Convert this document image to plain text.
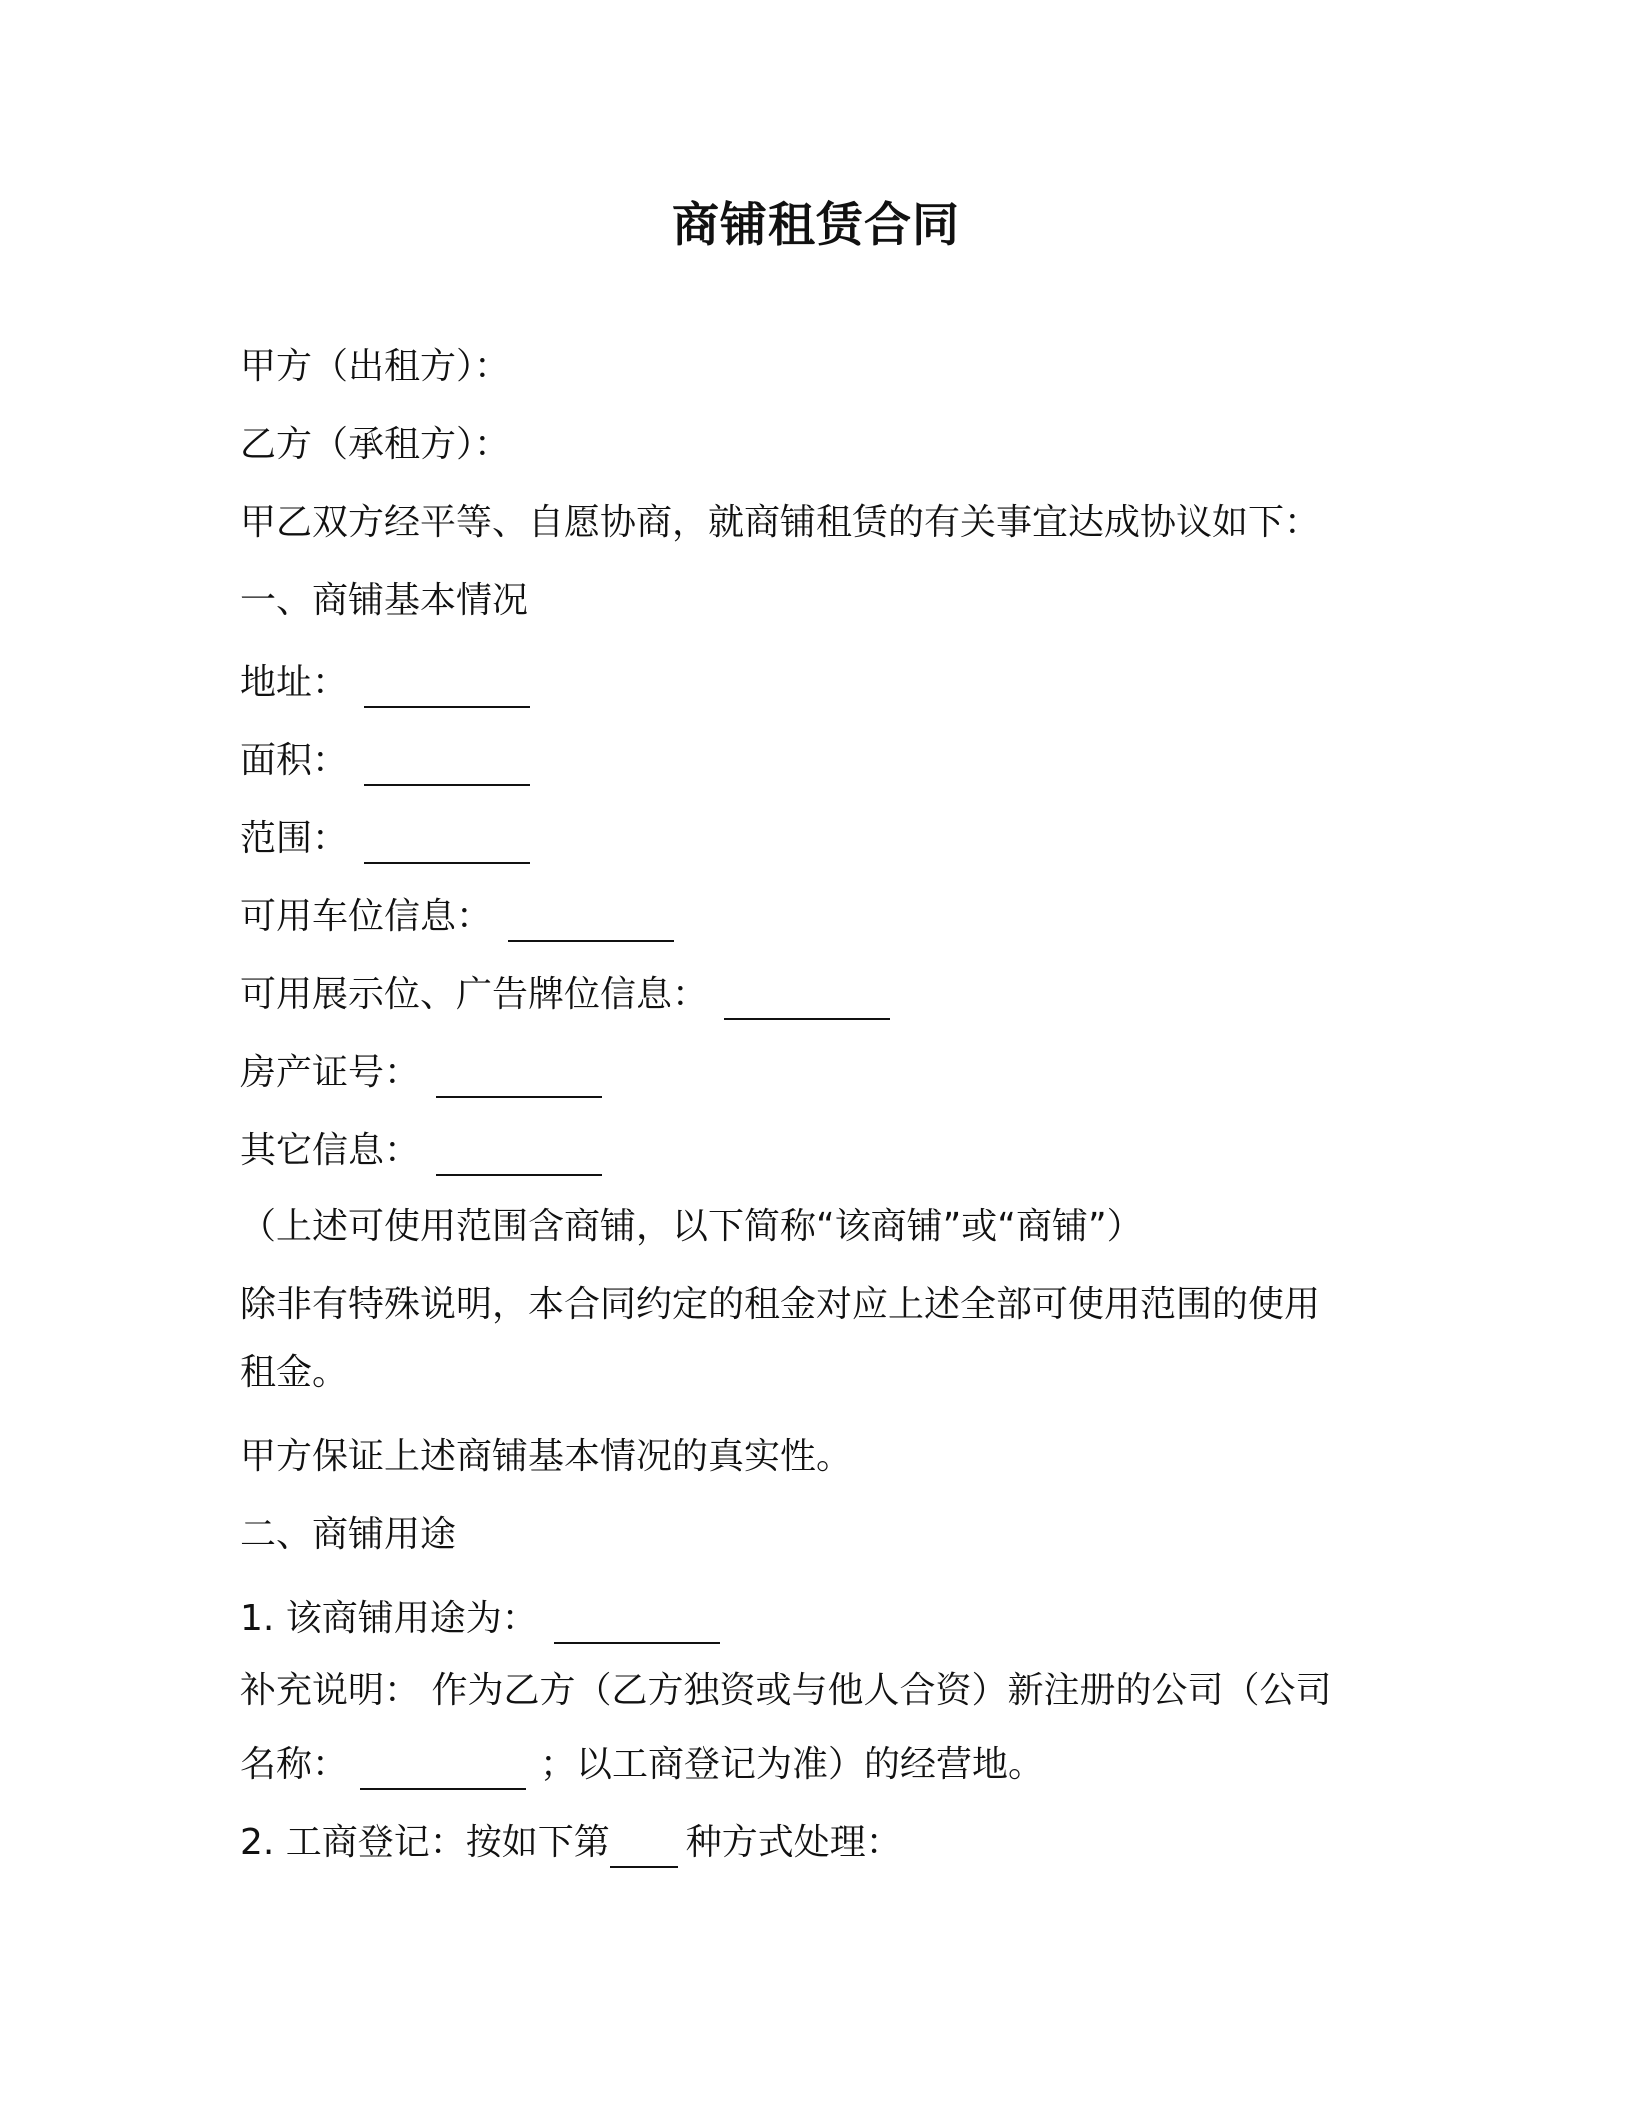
商铺租赁合同
甲方（出租方）：
乙方（承租方）：
甲乙双方经平等、自愿协商，就商铺租赁的有关事宜达成协议如下：
一、商铺基本情况
地址：
面积：
范围：
可用车位信息：
可用展示位、广告牌位信息：
房产证号：
其它信息：
（上述可使用范围含商铺，以下简称“该商铺”或“商铺”）
除非有特殊说明，本合同约定的租金对应上述全部可使用范围的使用
租金。
甲方保证上述商铺基本情况的真实性。
二、商铺用途
1. 该商铺用途为：
补充说明： 作为乙方（乙方独资或与他人合资）新注册的公司（公司
名称：	；以工商登记为准）的经营地。
2. 工商登记：按如下第 种方式处理：
